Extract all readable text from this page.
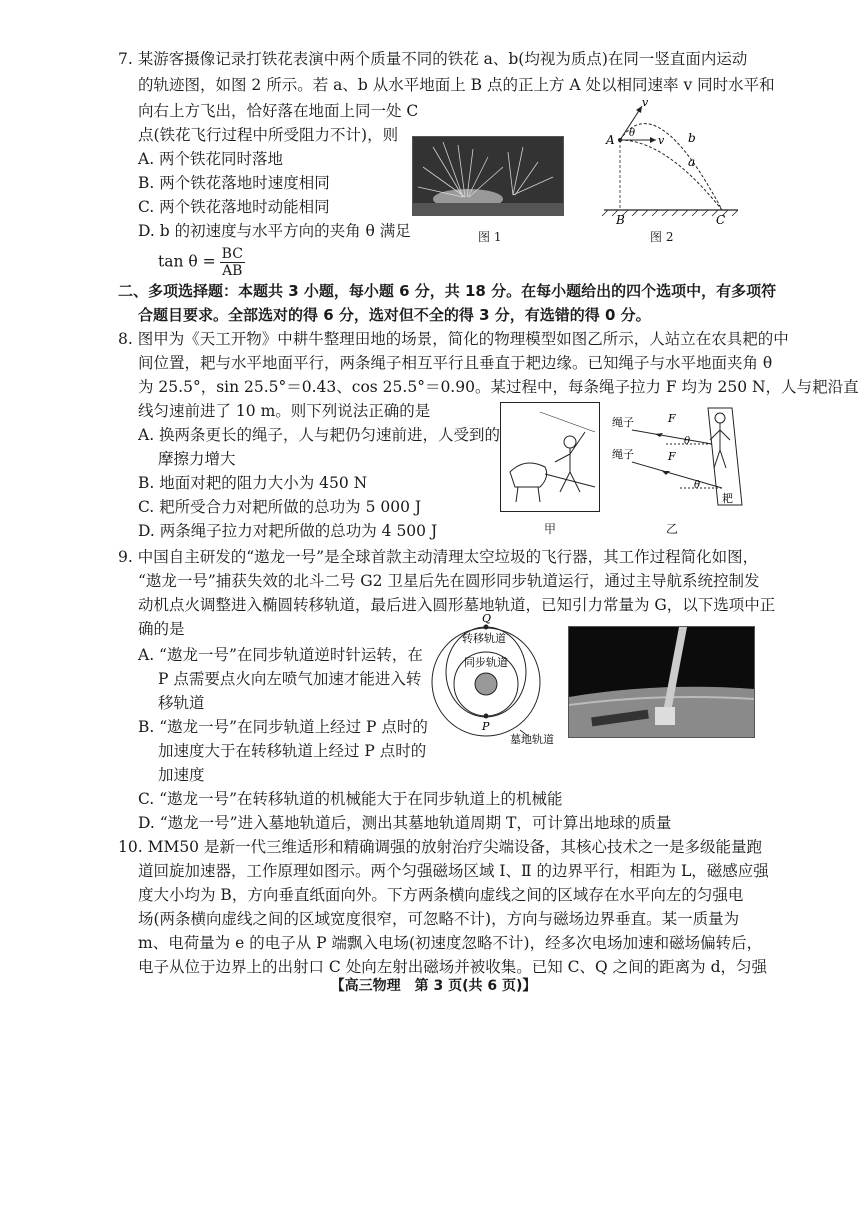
7. 某游客摄像记录打铁花表演中两个质量不同的铁花 a、b(均视为质点)在同一竖直面内运动
的轨迹图，如图 2 所示。若 a、b 从水平地面上 B 点的正上方 A 处以相同速率 v 同时水平和
向右上方飞出，恰好落在地面上同一处 C
点(铁花飞行过程中所受阻力不计)，则
A. 两个铁花同时落地
B. 两个铁花落地时速度相同
C. 两个铁花落地时动能相同
D. b 的初速度与水平方向的夹角 θ 满足
$\tan \theta = \frac{BC}{AB}$
图 1
A
B	C
a
b
v
v
θ
图 2
二、多项选择题：本题共 3 小题，每小题 6 分，共 18 分。在每小题给出的四个选项中，有多项符
合题目要求。全部选对的得 6 分，选对但不全的得 3 分，有选错的得 0 分。
8. 图甲为《天工开物》中耕牛整理田地的场景，简化的物理模型如图乙所示，人站立在农具耙的中
间位置，耙与水平地面平行，两条绳子相互平行且垂直于耙边缘。已知绳子与水平地面夹角 θ
为 25.5°，sin 25.5°＝0.43、cos 25.5°＝0.90。某过程中，每条绳子拉力 F 均为 250 N，人与耙沿直
线匀速前进了 10 m。则下列说法正确的是
A. 换两条更长的绳子，人与耙仍匀速前进，人受到的
摩擦力增大
B. 地面对耙的阻力大小为 450 N
C. 耙所受合力对耙所做的总功为 5 000 J
D. 两条绳子拉力对耙所做的总功为 4 500 J	甲
绳子
绳子
F
F
θ
θ
耙
乙
9. 中国自主研发的“遨龙一号”是全球首款主动清理太空垃圾的飞行器，其工作过程简化如图，
“遨龙一号”捕获失效的北斗二号 G2 卫星后先在圆形同步轨道运行，通过主导航系统控制发
动机点火调整进入椭圆转移轨道，最后进入圆形墓地轨道，已知引力常量为 G，以下选项中正
确的是
A. “遨龙一号”在同步轨道逆时针运转，在
P 点需要点火向左喷气加速才能进入转
移轨道
B. “遨龙一号”在同步轨道上经过 P 点时的
加速度大于在转移轨道上经过 P 点时的
加速度
C. “遨龙一号”在转移轨道的机械能大于在同步轨道上的机械能
D. “遨龙一号”进入墓地轨道后，测出其墓地轨道周期 T，可计算出地球的质量
Q
P
转移轨道
同步轨道
墓地轨道
10. MM50 是新一代三维适形和精确调强的放射治疗尖端设备，其核心技术之一是多级能量跑
道回旋加速器，工作原理如图示。两个匀强磁场区域 Ⅰ、Ⅱ 的边界平行，相距为 L，磁感应强
度大小均为 B，方向垂直纸面向外。下方两条横向虚线之间的区域存在水平向左的匀强电
场(两条横向虚线之间的区域宽度很窄，可忽略不计)，方向与磁场边界垂直。某一质量为
m、电荷量为 e 的电子从 P 端飘入电场(初速度忽略不计)，经多次电场加速和磁场偏转后，
电子从位于边界上的出射口 C 处向左射出磁场并被收集。已知 C、Q 之间的距离为 d，匀强
【高三物理　第 3 页(共 6 页)】
